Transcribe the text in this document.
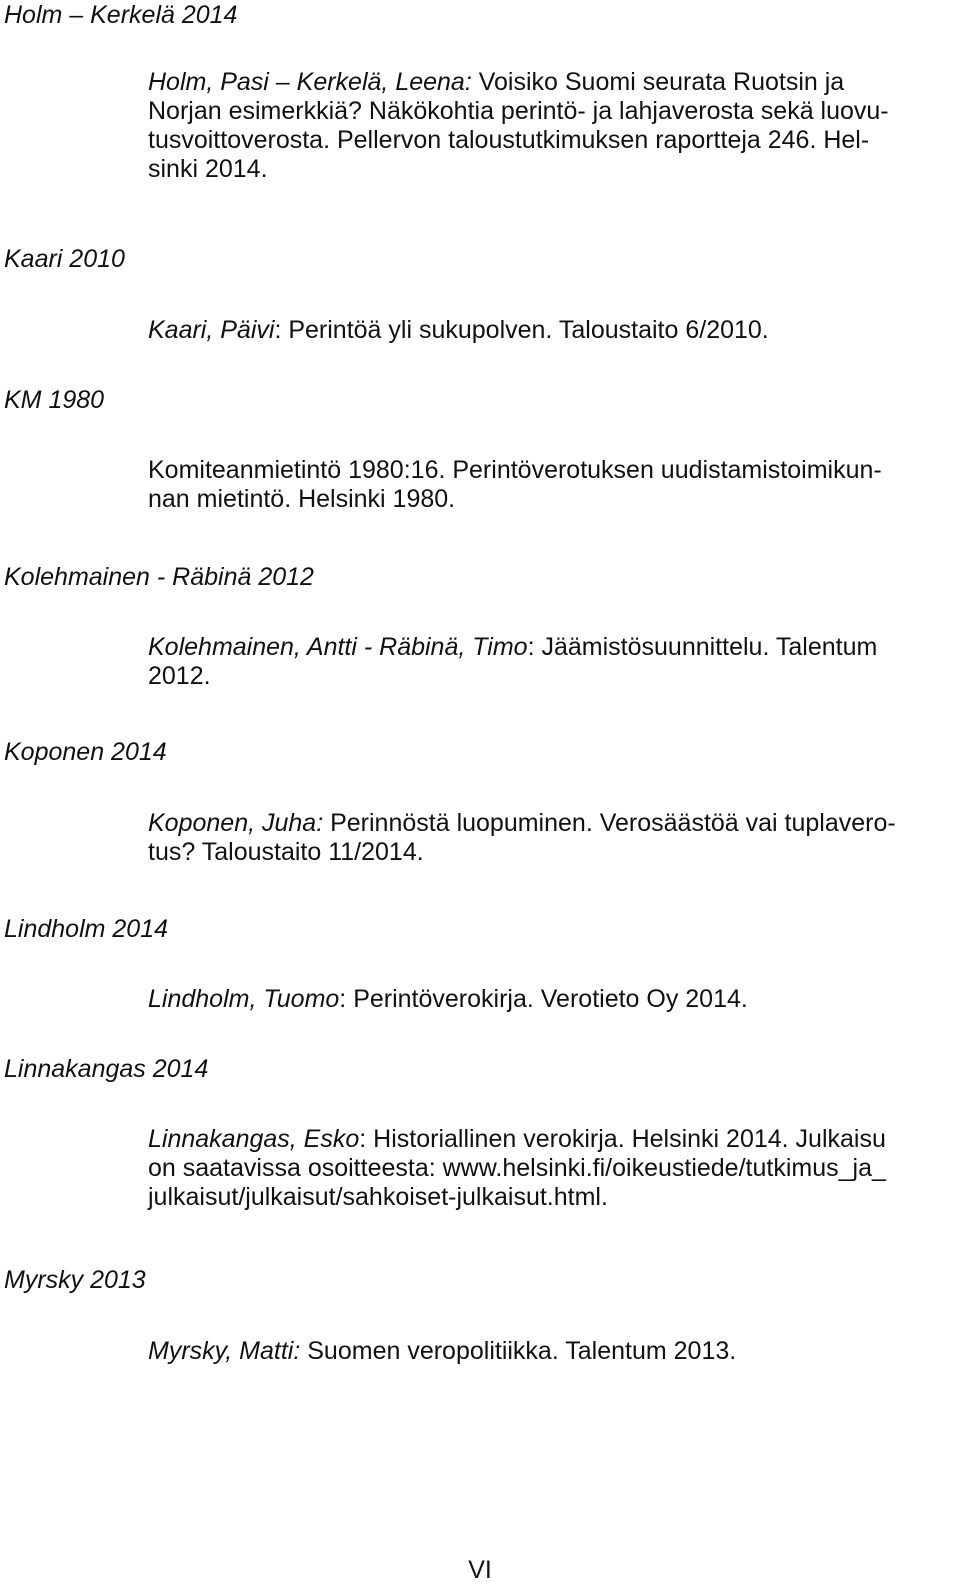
Holm – Kerkelä 2014
Kaari 2010
KM 1980
Kolehmainen - Räbinä 2012
Koponen 2014
Lindholm 2014
Linnakangas 2014
Myrsky 2013
Holm, Pasi – Kerkelä, Leena: Voisiko Suomi seurata Ruotsin ja
Norjan esimerkkiä? Näkökohtia perintö- ja lahjaverosta sekä luovu-
tusvoittoverosta. Pellervon taloustutkimuksen raportteja 246. Hel-
sinki 2014.
Kaari, Päivi: Perintöä yli sukupolven. Taloustaito 6/2010.
Komiteanmietintö 1980:16. Perintöverotuksen uudistamistoimikun-
nan mietintö. Helsinki 1980.
Kolehmainen, Antti - Räbinä, Timo: Jäämistösuunnittelu. Talentum
2012.
Koponen, Juha: Perinnöstä luopuminen. Verosäästöä vai tuplavero-
tus? Taloustaito 11/2014.
Lindholm, Tuomo: Perintöverokirja. Verotieto Oy 2014.
Linnakangas, Esko: Historiallinen verokirja. Helsinki 2014. Julkaisu
on saatavissa osoitteesta: www.helsinki.fi/oikeustiede/tutkimus_ja_
julkaisut/julkaisut/sahkoiset-julkaisut.html.
Myrsky, Matti: Suomen veropolitiikka. Talentum 2013.
VI
